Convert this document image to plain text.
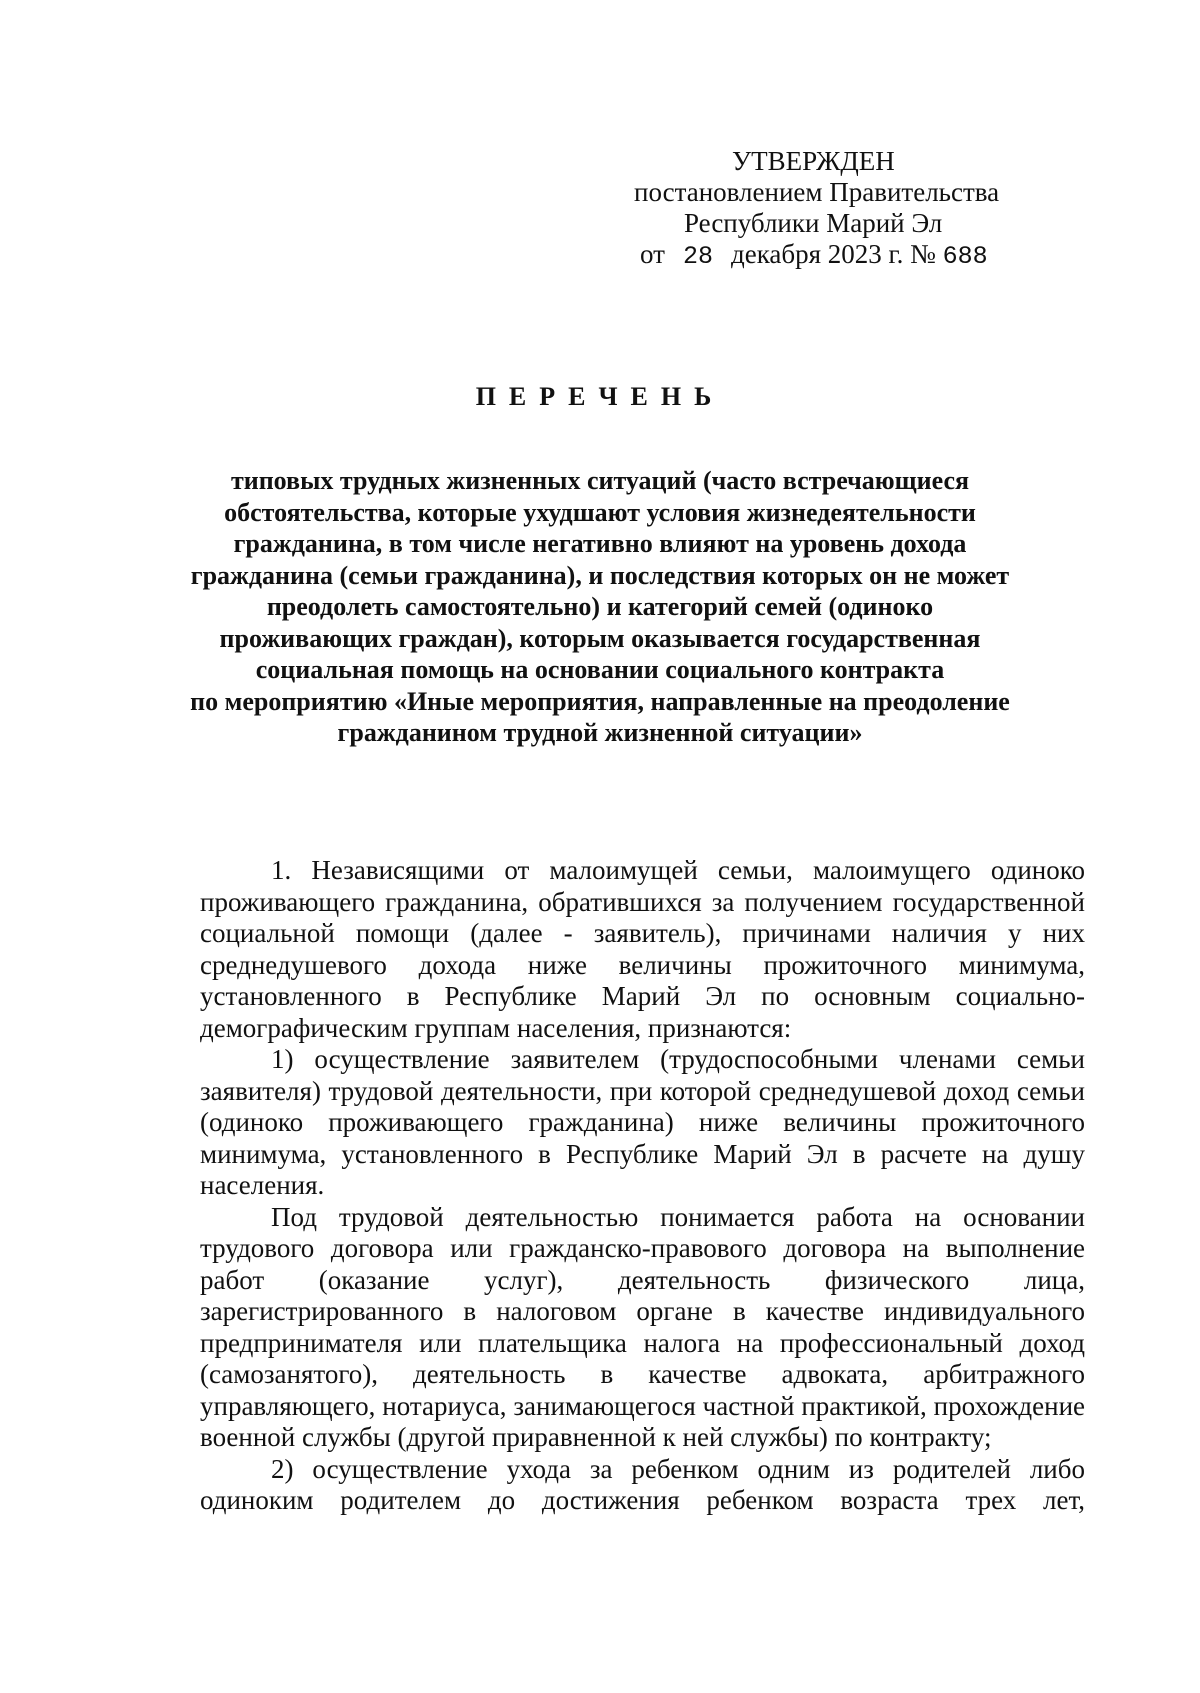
УТВЕРЖДЕН
постановлением Правительства
Республики Марий Эл
от 28 декабря 2023 г. № 688
ПЕРЕЧЕНЬ
типовых трудных жизненных ситуаций (часто встречающиеся
обстоятельства, которые ухудшают условия жизнедеятельности
гражданина, в том числе негативно влияют на уровень дохода
гражданина (семьи гражданина), и последствия которых он не может
преодолеть самостоятельно) и категорий семей (одиноко
проживающих граждан), которым оказывается государственная
социальная помощь на основании социального контракта
по мероприятию «Иные мероприятия, направленные на преодоление
гражданином трудной жизненной ситуации»

1. Независящими от малоимущей семьи, малоимущего одиноко проживающего гражданина, обратившихся за получением государственной социальной помощи (далее - заявитель), причинами наличия у них среднедушевого дохода ниже величины прожиточного минимума, установленного в Республике Марий Эл по основным социально-демографическим группам населения, признаются:

1) осуществление заявителем (трудоспособными членами семьи заявителя) трудовой деятельности, при которой среднедушевой доход семьи (одиноко проживающего гражданина) ниже величины прожиточного минимума, установленного в Республике Марий Эл в расчете на душу населения.

Под трудовой деятельностью понимается работа на основании трудового договора или гражданско-правового договора на выполнение работ (оказание услуг), деятельность физического лица, зарегистрированного в налоговом органе в качестве индивидуального предпринимателя или плательщика налога на профессиональный доход (самозанятого), деятельность в качестве адвоката, арбитражного управляющего, нотариуса, занимающегося частной практикой, прохождение военной службы (другой приравненной к ней службы) по контракту;

2) осуществление ухода за ребенком одним из родителей либо одиноким родителем до достижения ребенком возраста трех лет,
